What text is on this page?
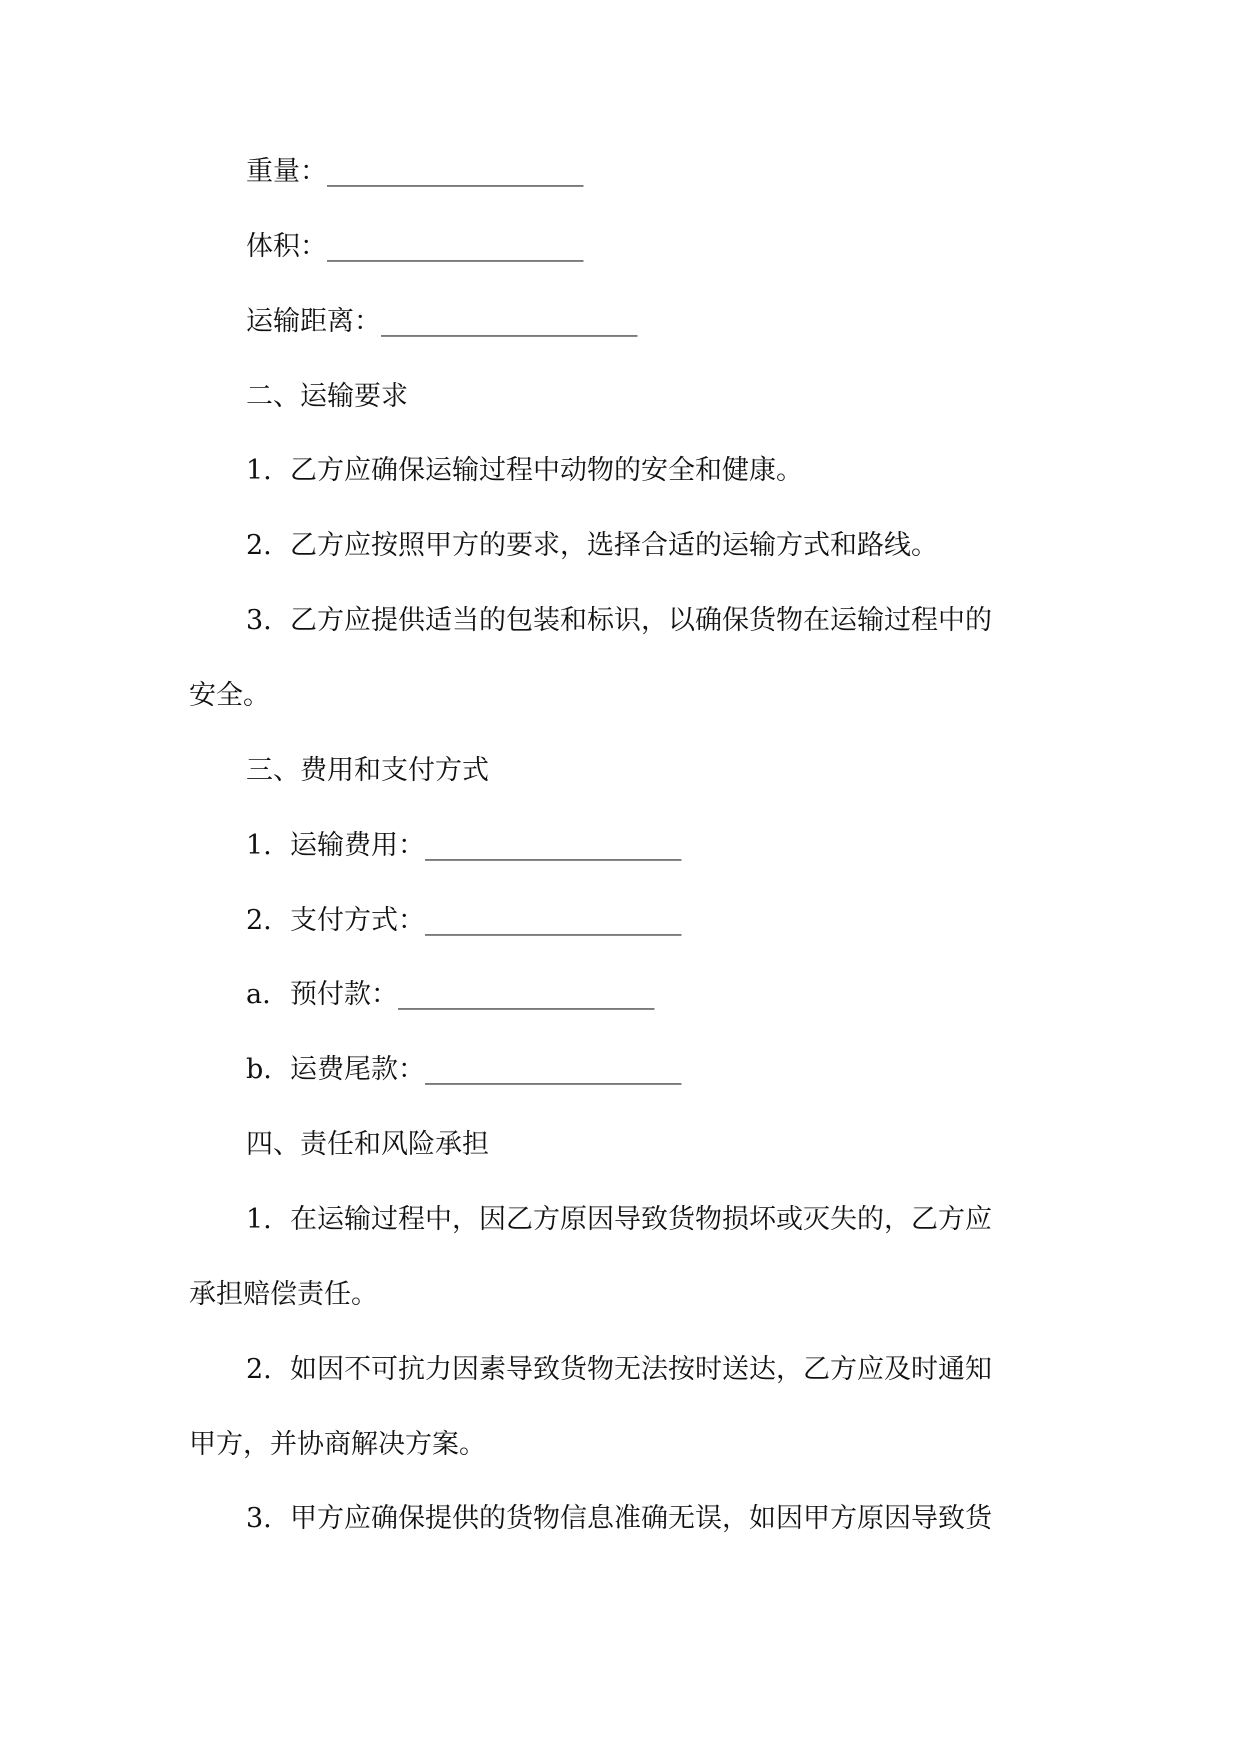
重量：___________________
体积：___________________
运输距离：___________________
二、运输要求
1. 乙方应确保运输过程中动物的安全和健康。
2. 乙方应按照甲方的要求，选择合适的运输方式和路线。
3. 乙方应提供适当的包装和标识，以确保货物在运输过程中的
安全。
三、费用和支付方式
1. 运输费用：___________________
2. 支付方式：___________________
a. 预付款：___________________
b. 运费尾款：___________________
四、责任和风险承担
1. 在运输过程中，因乙方原因导致货物损坏或灭失的，乙方应
承担赔偿责任。
2. 如因不可抗力因素导致货物无法按时送达，乙方应及时通知
甲方，并协商解决方案。
3. 甲方应确保提供的货物信息准确无误，如因甲方原因导致货
